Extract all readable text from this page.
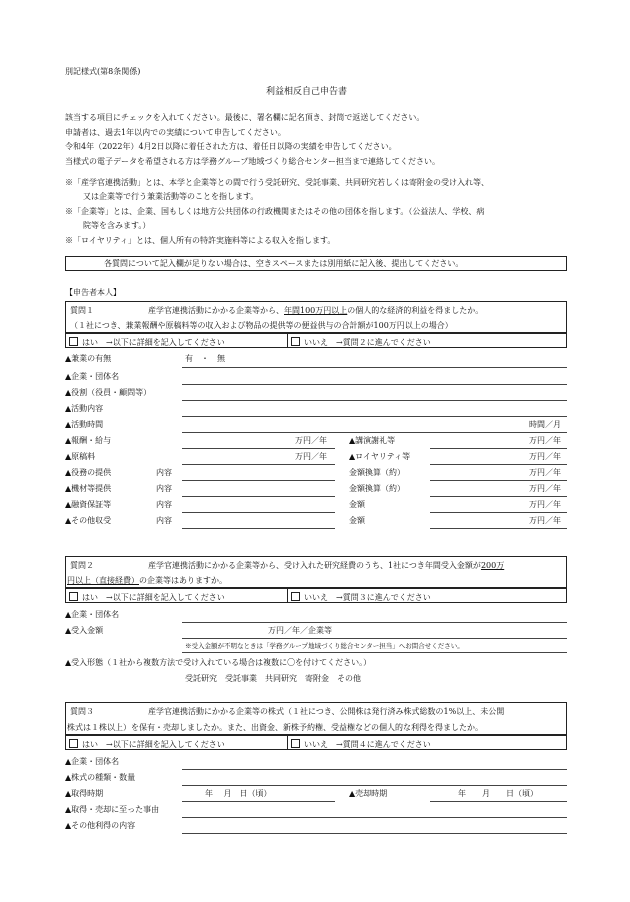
別記様式(第8条関係)
利益相反自己申告書
該当する項目にチェックを入れてください。最後に、署名欄に記名頂き、封筒で返送してください。
申請者は、過去1年以内での実績について申告してください。
令和4年（2022年）4月2日以降に着任された方は、着任日以降の実績を申告してください。
当様式の電子データを希望される方は学務グループ地域づくり総合センター担当まで連絡してください。
※「産学官連携活動」とは、本学と企業等との間で行う受託研究、受託事業、共同研究若しくは寄附金の受け入れ等、
又は企業等で行う兼業活動等のことを指します。
※「企業等」とは、企業、国もしくは地方公共団体の行政機関またはその他の団体を指します。（公益法人、学校、病
院等を含みます。）
※「ロイヤリティ」とは、個人所有の特許実施料等による収入を指します。
各質問について記入欄が足りない場合は、空きスペースまたは別用紙に記入後、提出してください。
【申告者本人】
質問１	産学官連携活動にかかる企業等から、年間100万円以上の個人的な経済的利益を得ましたか。
（１社につき、兼業報酬や原稿料等の収入および物品の提供等の便益供与の合計額が100万円以上の場合）
はい　→以下に詳細を記入してください	いいえ　→質問２に進んでください
▲兼業の有無	有　・　無
▲企業・団体名
▲役割（役員・顧問等）
▲活動内容
▲活動時間	時間／月
▲報酬・給与	万円／年	▲講演謝礼等	万円／年
▲原稿料	万円／年	▲ロイヤリティ等	万円／年
▲役務の提供	内容	金額換算（約）	万円／年
▲機材等提供	内容	金額換算（約）	万円／年
▲融資保証等	内容	金額	万円／年
▲その他収受	内容	金額	万円／年
質問２	産学官連携活動にかかる企業等から、受け入れた研究経費のうち、1社につき年間受入金額が200万
円以上（直接経費）の企業等はありますか。
はい　→以下に詳細を記入してください	いいえ　→質問３に進んでください
▲企業・団体名
▲受入金額	万円／年／企業等
※受入金額が不明なときは「学務グループ地域づくり総合センター担当」へお問合せください。
▲受入形態（１社から複数方法で受け入れている場合は複数に〇を付けてください。）
受託研究　受託事業　共同研究　寄附金　その他
質問３	産学官連携活動にかかる企業等の株式（１社につき、公開株は発行済み株式総数の1%以上、未公開
株式は１株以上）を保有・売却しましたか。また、出資金、新株予約権、受益権などの個人的な利得を得ましたか。
はい　→以下に詳細を記入してください	いいえ　→質問４に進んでください
▲企業・団体名
▲株式の種類・数量
▲取得時期	年　 月　日（頃）	▲売却時期	年　　月　　日（頃）
▲取得・売却に至った事由
▲その他利得の内容
